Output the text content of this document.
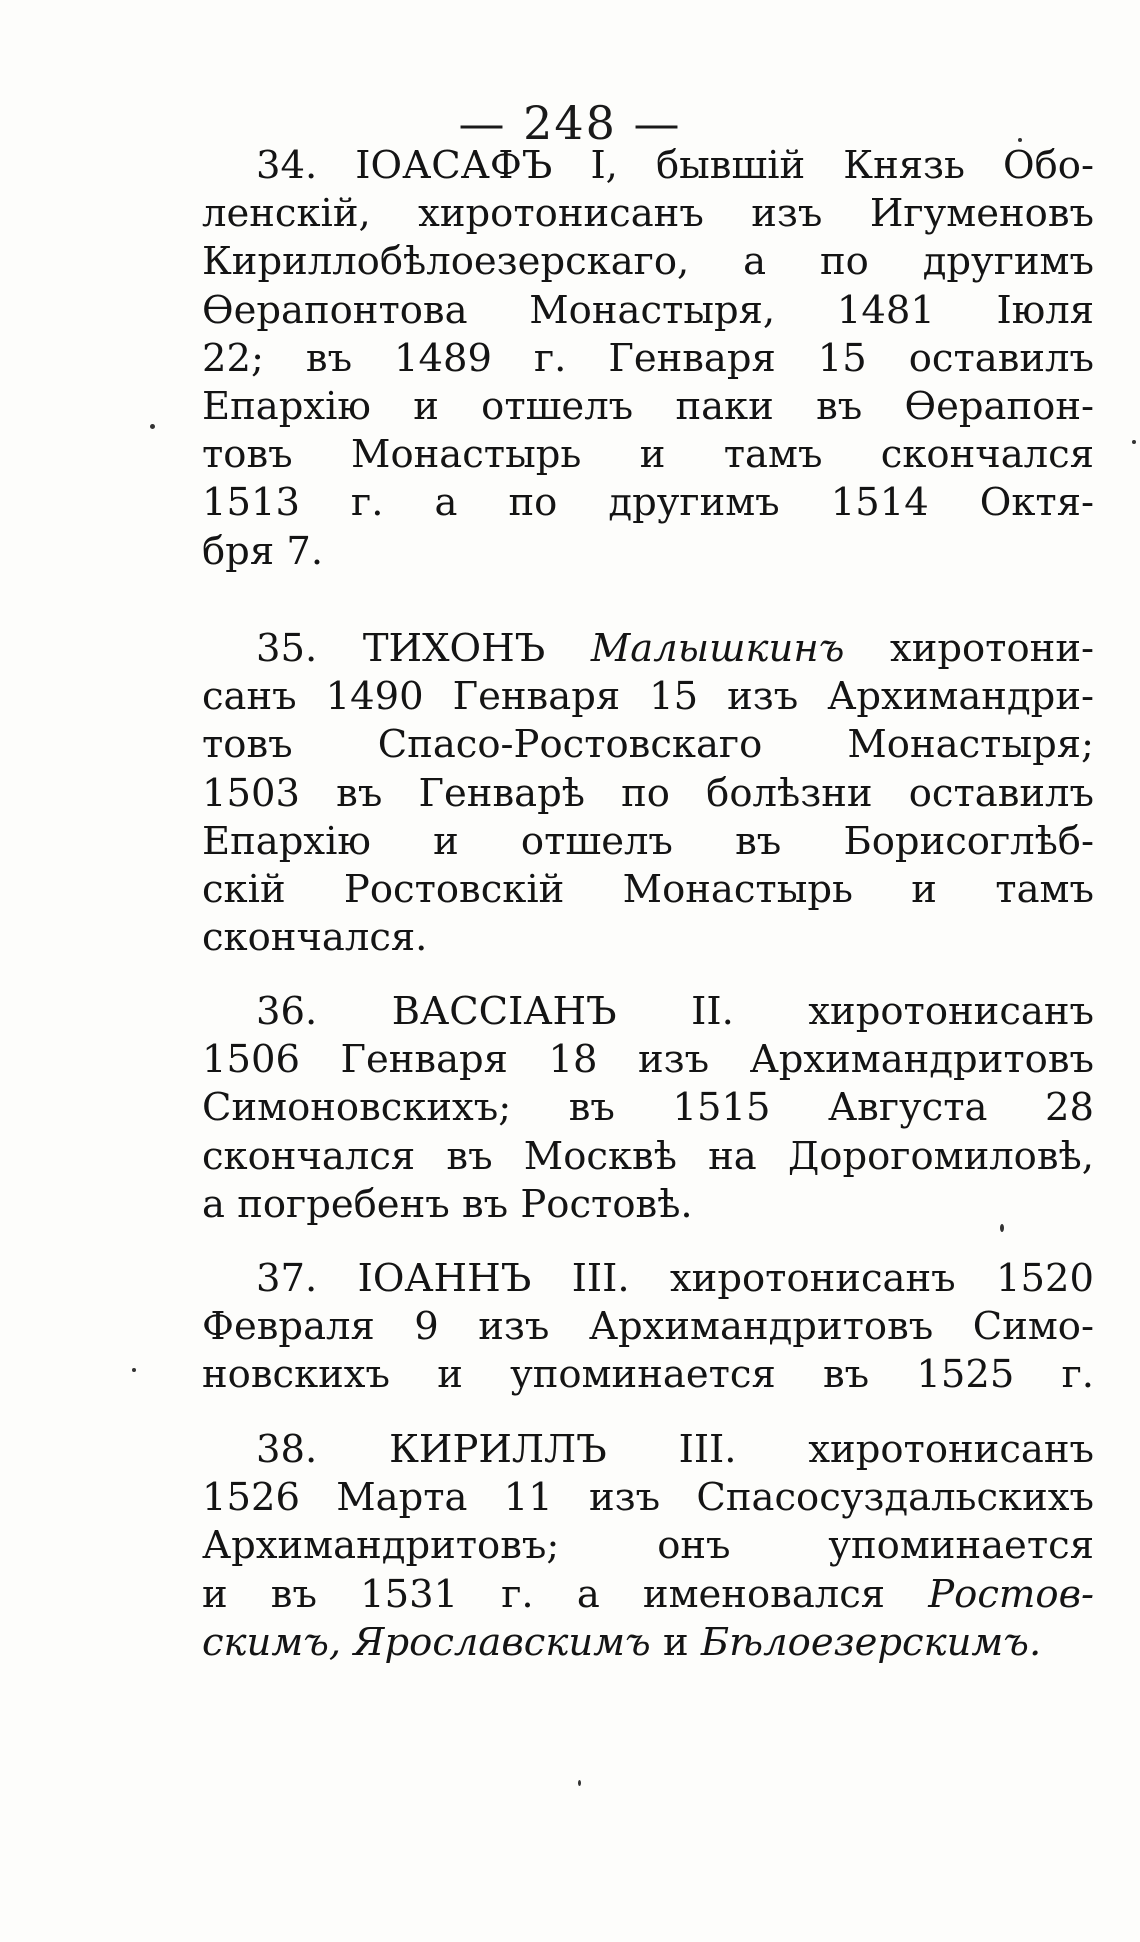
— 248 —
34. ІОАСАФЪ І, бывшій Князь Обо-
ленскій, хиротонисанъ изъ Игуменовъ
Кириллобѣлоезерскаго, а по другимъ
Ѳерапонтова Монастыря, 1481 Іюля
22; въ 1489 г. Генваря 15 оставилъ
Епархію и отшелъ паки въ Ѳерапон-
товъ Монастырь и тамъ скончался
1513 г. а по другимъ 1514 Октя-
бря 7.
35. ТИХОНЪ Малышкинъ хиротони-
санъ 1490 Генваря 15 изъ Архимандри-
товъ Спасо-Ростовскаго Монастыря;
1503 въ Генварѣ по болѣзни оставилъ
Епархію и отшелъ въ Борисоглѣб-
скій Ростовскій Монастырь и тамъ
скончался.
36. ВАССІАНЪ II. хиротонисанъ
1506 Генваря 18 изъ Архимандритовъ
Симоновскихъ; въ 1515 Августа 28
скончался въ Москвѣ на Дорогомиловѣ,
а погребенъ въ Ростовѣ.
37. ІОАННЪ III. хиротонисанъ 1520
Февраля 9 изъ Архимандритовъ Симо-
новскихъ и упоминается въ 1525 г.
38. КИРИЛЛЪ III. хиротонисанъ
1526 Марта 11 изъ Спасосуздальскихъ
Архимандритовъ; онъ упоминается
и въ 1531 г. а именовался Ростов-
скимъ, Ярославскимъ и Бѣлоезерскимъ.
